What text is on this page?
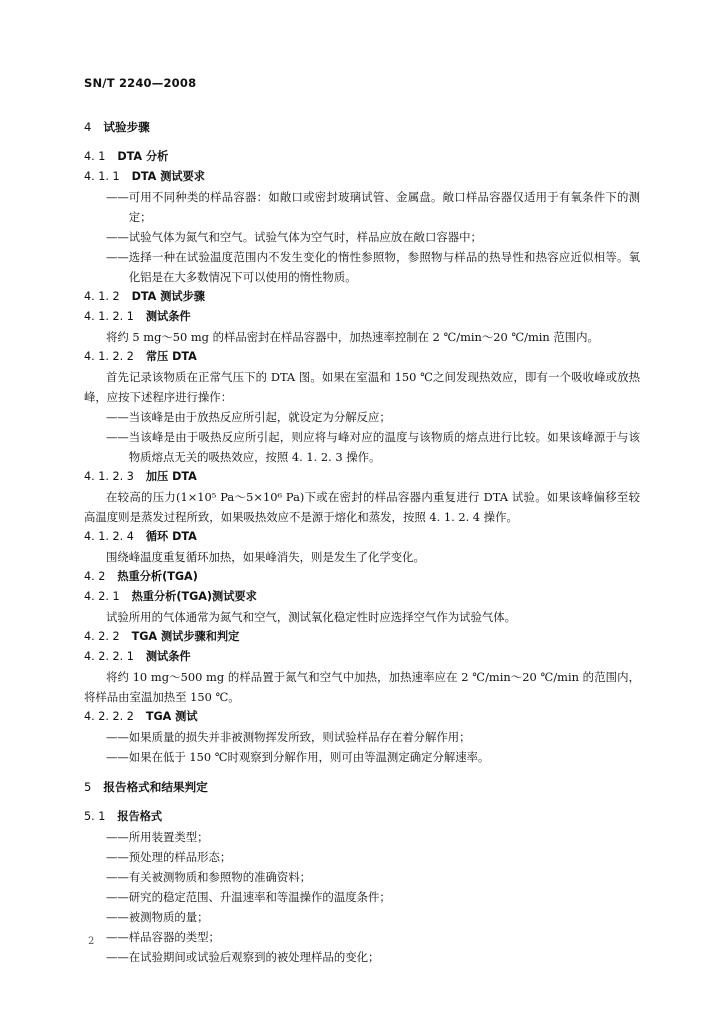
SN/T 2240—2008

4 试验步骤

4. 1 DTA 分析

4. 1. 1 DTA 测试要求

—— 可用不同种类的样品容器：如敞口或密封玻璃试管、金属盘。敞口样品容器仅适用于有氧条件下的测定；

—— 试验气体为氮气和空气。试验气体为空气时，样品应放在敞口容器中；

—— 选择一种在试验温度范围内不发生变化的惰性参照物，参照物与样品的热导性和热容应近似相等。氧化铝是在大多数情况下可以使用的惰性物质。

4. 1. 2 DTA 测试步骤

4. 1. 2. 1 测试条件

将约 5 mg～50 mg 的样品密封在样品容器中，加热速率控制在 2 ℃/min～20 ℃/min 范围内。

4. 1. 2. 2 常压 DTA

首先记录该物质在正常气压下的 DTA 图。如果在室温和 150 ℃之间发现热效应，即有一个吸收峰或放热峰，应按下述程序进行操作：

—— 当该峰是由于放热反应所引起，就设定为分解反应；

—— 当该峰是由于吸热反应所引起，则应将与峰对应的温度与该物质的熔点进行比较。如果该峰源于与该物质熔点无关的吸热效应，按照 4. 1. 2. 3 操作。

4. 1. 2. 3 加压 DTA

在较高的压力(1×10⁵ Pa～5×10⁶ Pa)下或在密封的样品容器内重复进行 DTA 试验。如果该峰偏移至较高温度则是蒸发过程所致，如果吸热效应不是源于熔化和蒸发，按照 4. 1. 2. 4 操作。

4. 1. 2. 4 循环 DTA

围绕峰温度重复循环加热，如果峰消失，则是发生了化学变化。

4. 2 热重分析(TGA)

4. 2. 1 热重分析(TGA)测试要求

试验所用的气体通常为氮气和空气，测试氧化稳定性时应选择空气作为试验气体。

4. 2. 2 TGA 测试步骤和判定

4. 2. 2. 1 测试条件

将约 10 mg～500 mg 的样品置于氮气和空气中加热，加热速率应在 2 ℃/min～20 ℃/min 的范围内，将样品由室温加热至 150 ℃。

4. 2. 2. 2 TGA 测试

—— 如果质量的损失并非被测物挥发所致，则试验样品存在着分解作用；

—— 如果在低于 150 ℃时观察到分解作用，则可由等温测定确定分解速率。

5 报告格式和结果判定

5. 1 报告格式

—— 所用装置类型；

—— 预处理的样品形态；

—— 有关被测物质和参照物的准确资料；

—— 研究的稳定范围、升温速率和等温操作的温度条件；

—— 被测物质的量；

—— 样品容器的类型；

—— 在试验期间或试验后观察到的被处理样品的变化；

2
